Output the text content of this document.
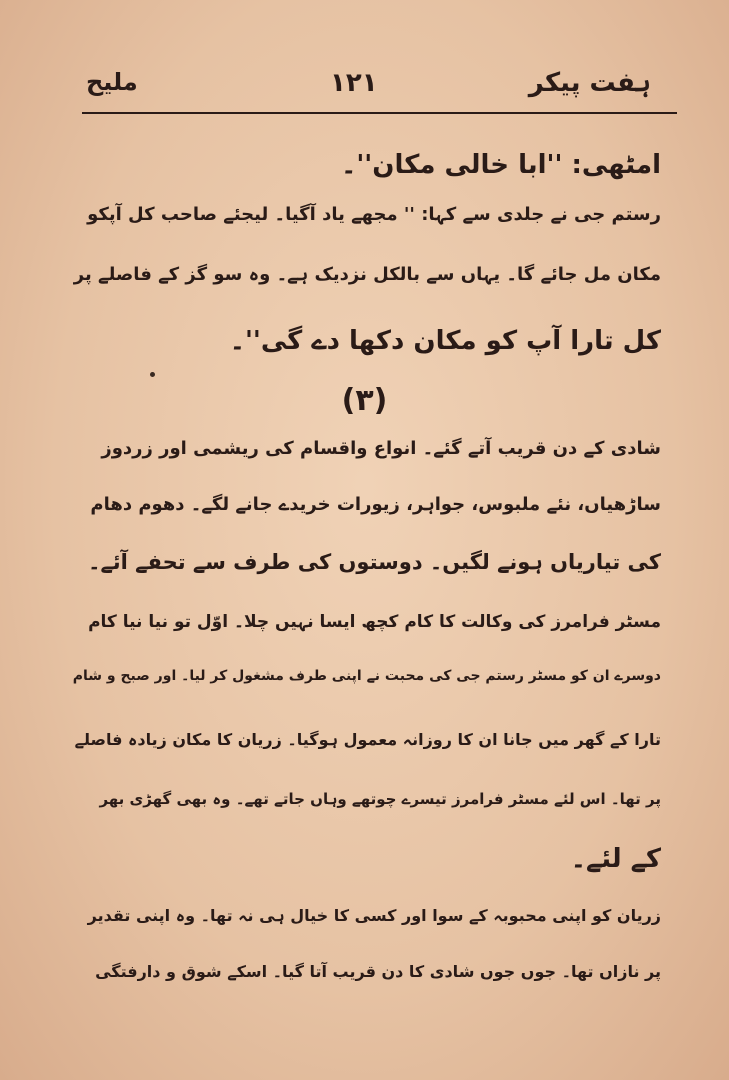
ملیح	۱۲۱	ہفت پیکر
امٹھی: ''ابا خالی مکان''۔
رستم جی نے جلدی سے کہا: '' مجھے یاد آگیا۔ لیجئے صاحب کل آپکو
مکان مل جائے گا۔ یہاں سے بالکل نزدیک ہے۔ وہ سو گز کے فاصلے پر
کل تارا آپ کو مکان دکھا دے گی''۔
(۳)
شادی کے دن قریب آتے گئے۔ انواع واقسام کی ریشمی اور زردوز
ساڑھیاں، نئے ملبوس، جواہر، زیورات خریدے جانے لگے۔ دھوم دھام
کی تیاریاں ہونے لگیں۔ دوستوں کی طرف سے تحفے آئے۔
مسٹر فرامرز کی وکالت کا کام کچھ ایسا نہیں چلا۔ اوّل تو نیا نیا کام
دوسرے ان کو مسٹر رستم جی کی محبت نے اپنی طرف مشغول کر لیا۔ اور صبح و شام
تارا کے گھر میں جانا ان کا روزانہ معمول ہوگیا۔ زریان کا مکان زیادہ فاصلے
پر تھا۔ اس لئے مسٹر فرامرز تیسرے چوتھے وہاں جاتے تھے۔ وہ بھی گھڑی بھر
کے لئے۔
زریان کو اپنی محبوبہ کے سوا اور کسی کا خیال ہی نہ تھا۔ وہ اپنی تقدیر
پر نازاں تھا۔ جوں جوں شادی کا دن قریب آتا گیا۔ اسکے شوق و دارفتگی
